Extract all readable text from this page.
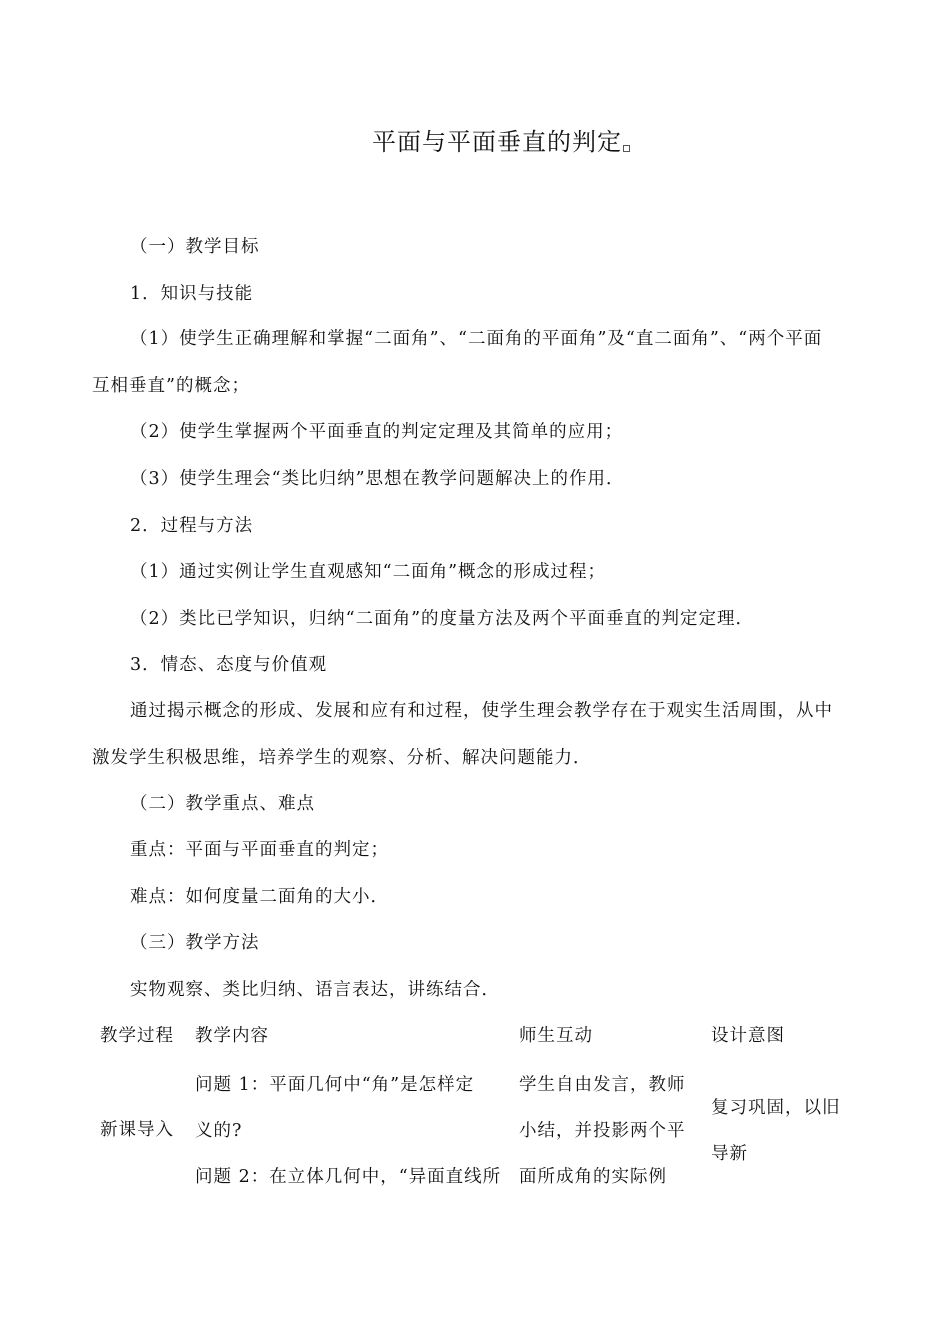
平面与平面垂直的判定
（一）教学目标
1．知识与技能
（1）使学生正确理解和掌握“二面角”、“二面角的平面角”及“直二面角”、“两个平面
互相垂直”的概念；
（2）使学生掌握两个平面垂直的判定定理及其简单的应用；
（3）使学生理会“类比归纳”思想在教学问题解决上的作用．
2．过程与方法
（1）通过实例让学生直观感知“二面角”概念的形成过程；
（2）类比已学知识，归纳“二面角”的度量方法及两个平面垂直的判定定理．
3．情态、态度与价值观
通过揭示概念的形成、发展和应有和过程，使学生理会教学存在于观实生活周围，从中
激发学生积极思维，培养学生的观察、分析、解决问题能力．
（二）教学重点、难点
重点：平面与平面垂直的判定；
难点：如何度量二面角的大小．
（三）教学方法
实物观察、类比归纳、语言表达，讲练结合．
教学过程 教学内容	师生互动	设计意图
新课导入
问题 1：平面几何中“角”是怎样定
义的?
问题 2：在立体几何中，“异面直线所
学生自由发言，教师
小结，并投影两个平
面所成角的实际例
复习巩固，以旧
导新
